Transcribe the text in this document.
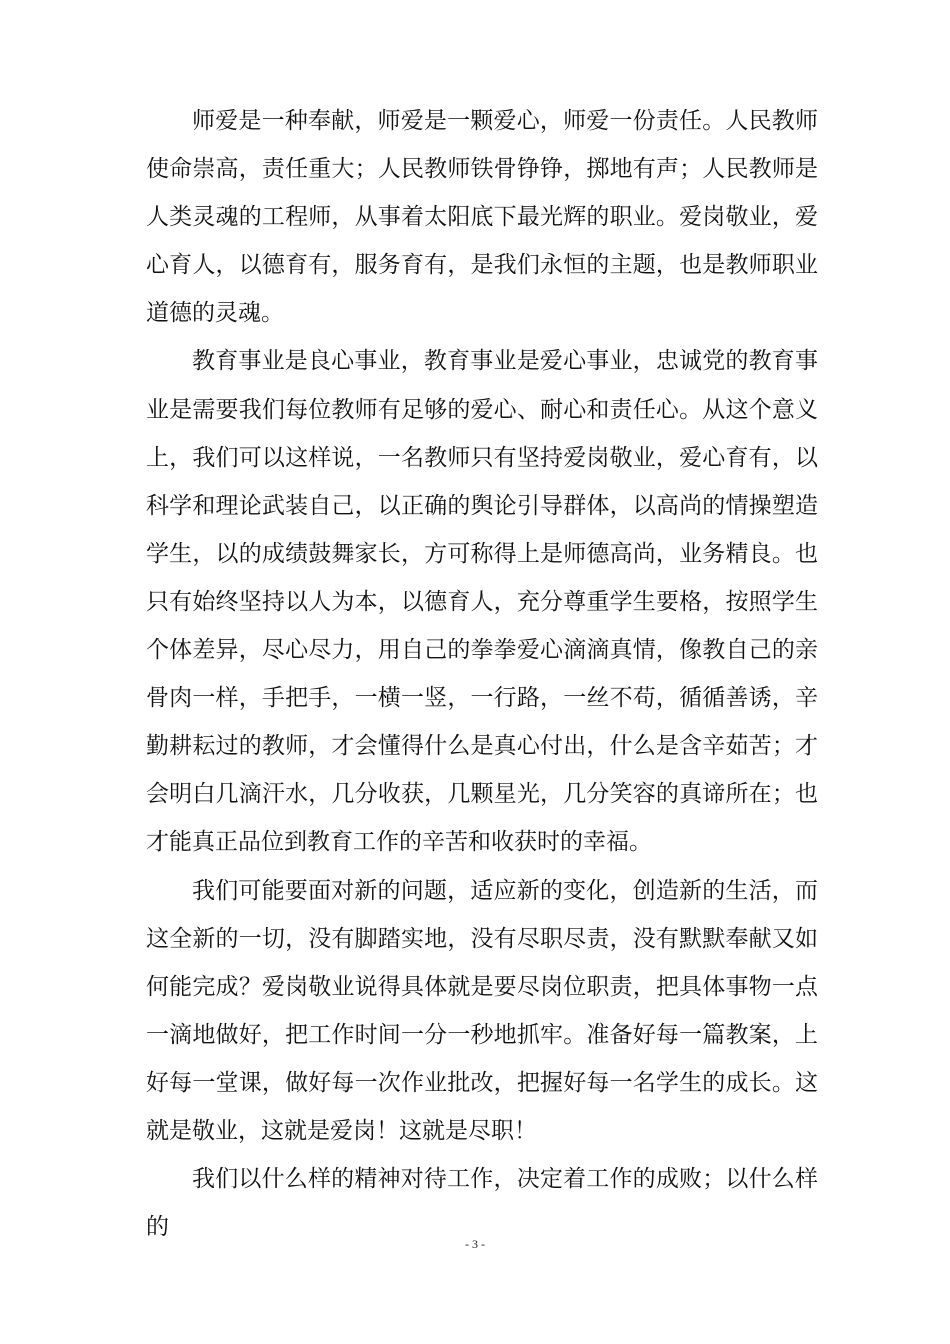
师爱是一种奉献，师爱是一颗爱心，师爱一份责任。人民教师使命崇高，责任重大；人民教师铁骨铮铮，掷地有声；人民教师是人类灵魂的工程师，从事着太阳底下最光辉的职业。爱岗敬业，爱心育人，以德育有，服务育有，是我们永恒的主题，也是教师职业道德的灵魂。

教育事业是良心事业，教育事业是爱心事业，忠诚党的教育事业是需要我们每位教师有足够的爱心、耐心和责任心。从这个意义上，我们可以这样说，一名教师只有坚持爱岗敬业，爱心育有，以科学和理论武装自己，以正确的舆论引导群体，以高尚的情操塑造学生，以的成绩鼓舞家长，方可称得上是师德高尚，业务精良。也只有始终坚持以人为本，以德育人，充分尊重学生要格，按照学生个体差异，尽心尽力，用自己的拳拳爱心滴滴真情，像教自己的亲骨肉一样，手把手，一横一竖，一行路，一丝不苟，循循善诱，辛勤耕耘过的教师，才会懂得什么是真心付出，什么是含辛茹苦；才会明白几滴汗水，几分收获，几颗星光，几分笑容的真谛所在；也才能真正品位到教育工作的辛苦和收获时的幸福。

我们可能要面对新的问题，适应新的变化，创造新的生活，而这全新的一切，没有脚踏实地，没有尽职尽责，没有默默奉献又如何能完成？爱岗敬业说得具体就是要尽岗位职责，把具体事物一点一滴地做好，把工作时间一分一秒地抓牢。准备好每一篇教案，上好每一堂课，做好每一次作业批改，把握好每一名学生的成长。这就是敬业，这就是爱岗！这就是尽职！

我们以什么样的精神对待工作，决定着工作的成败；以什么样的

- 3 -
